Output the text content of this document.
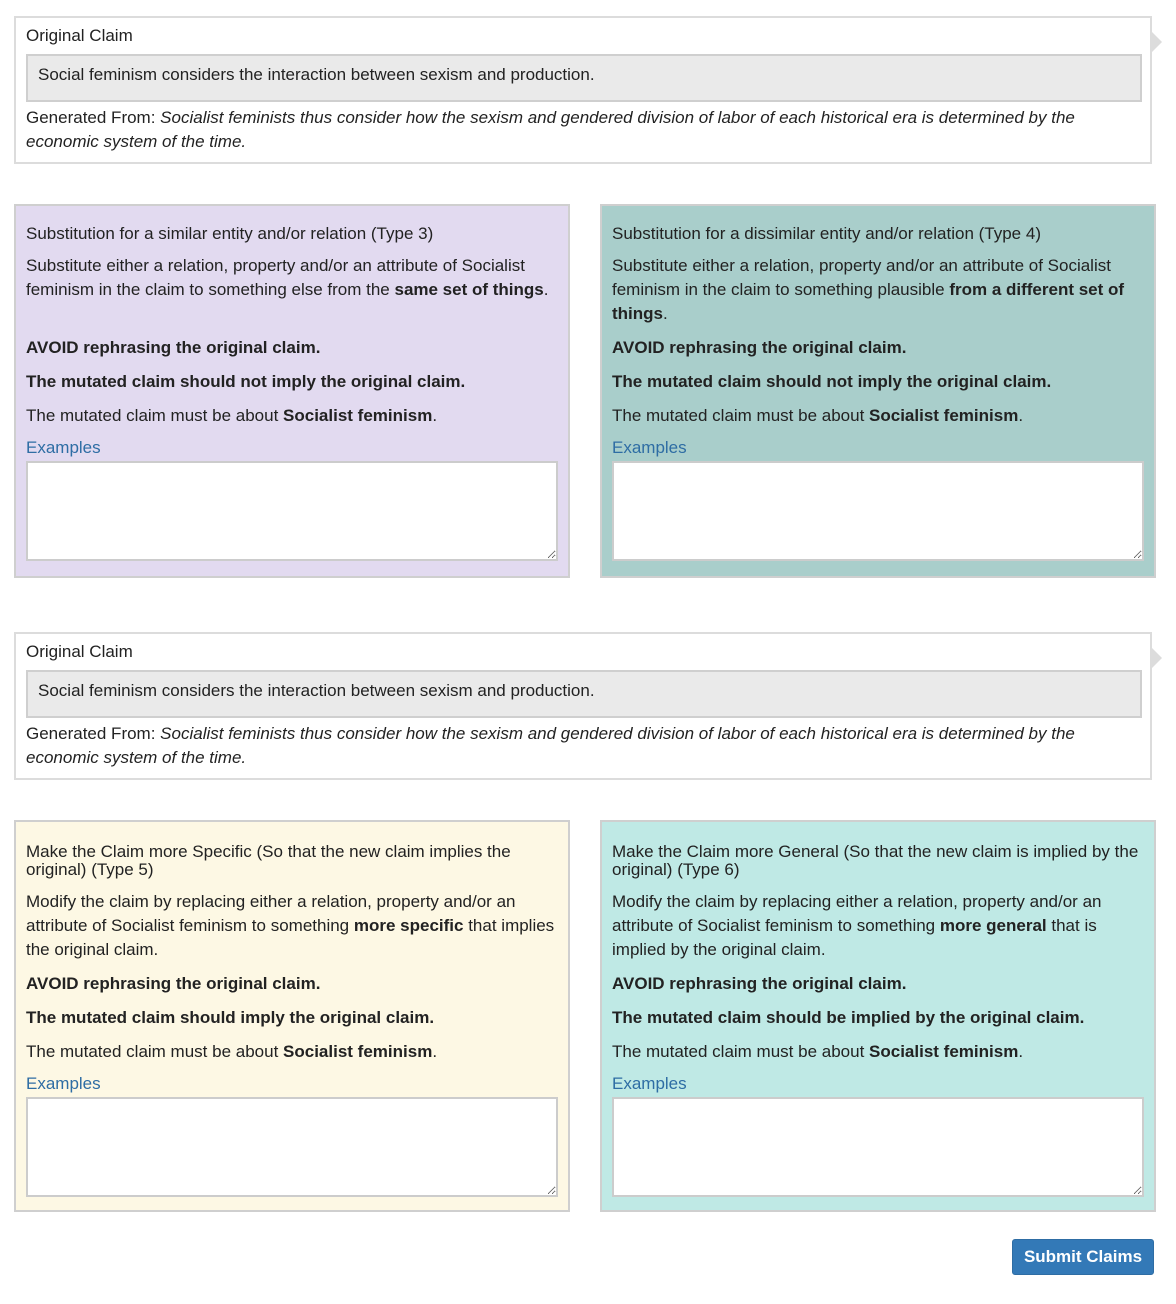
Original Claim
Social feminism considers the interaction between sexism and production.
Generated From: Socialist feminists thus consider how the sexism and gendered division of labor of each historical era is determined by the economic system of the time.
Substitution for a similar entity and/or relation (Type 3)
Substitute either a relation, property and/or an attribute of Socialist feminism in the claim to something else from the same set of things.
AVOID rephrasing the original claim.
The mutated claim should not imply the original claim.
The mutated claim must be about Socialist feminism.
Examples
Substitution for a dissimilar entity and/or relation (Type 4)
Substitute either a relation, property and/or an attribute of Socialist feminism in the claim to something plausible from a different set of things.
AVOID rephrasing the original claim.
The mutated claim should not imply the original claim.
The mutated claim must be about Socialist feminism.
Examples
Original Claim
Social feminism considers the interaction between sexism and production.
Generated From: Socialist feminists thus consider how the sexism and gendered division of labor of each historical era is determined by the economic system of the time.
Make the Claim more Specific (So that the new claim implies the original) (Type 5)
Modify the claim by replacing either a relation, property and/or an attribute of Socialist feminism to something more specific that implies the original claim.
AVOID rephrasing the original claim.
The mutated claim should imply the original claim.
The mutated claim must be about Socialist feminism.
Examples
Make the Claim more General (So that the new claim is implied by the original) (Type 6)
Modify the claim by replacing either a relation, property and/or an attribute of Socialist feminism to something more general that is implied by the original claim.
AVOID rephrasing the original claim.
The mutated claim should be implied by the original claim.
The mutated claim must be about Socialist feminism.
Examples
Submit Claims
